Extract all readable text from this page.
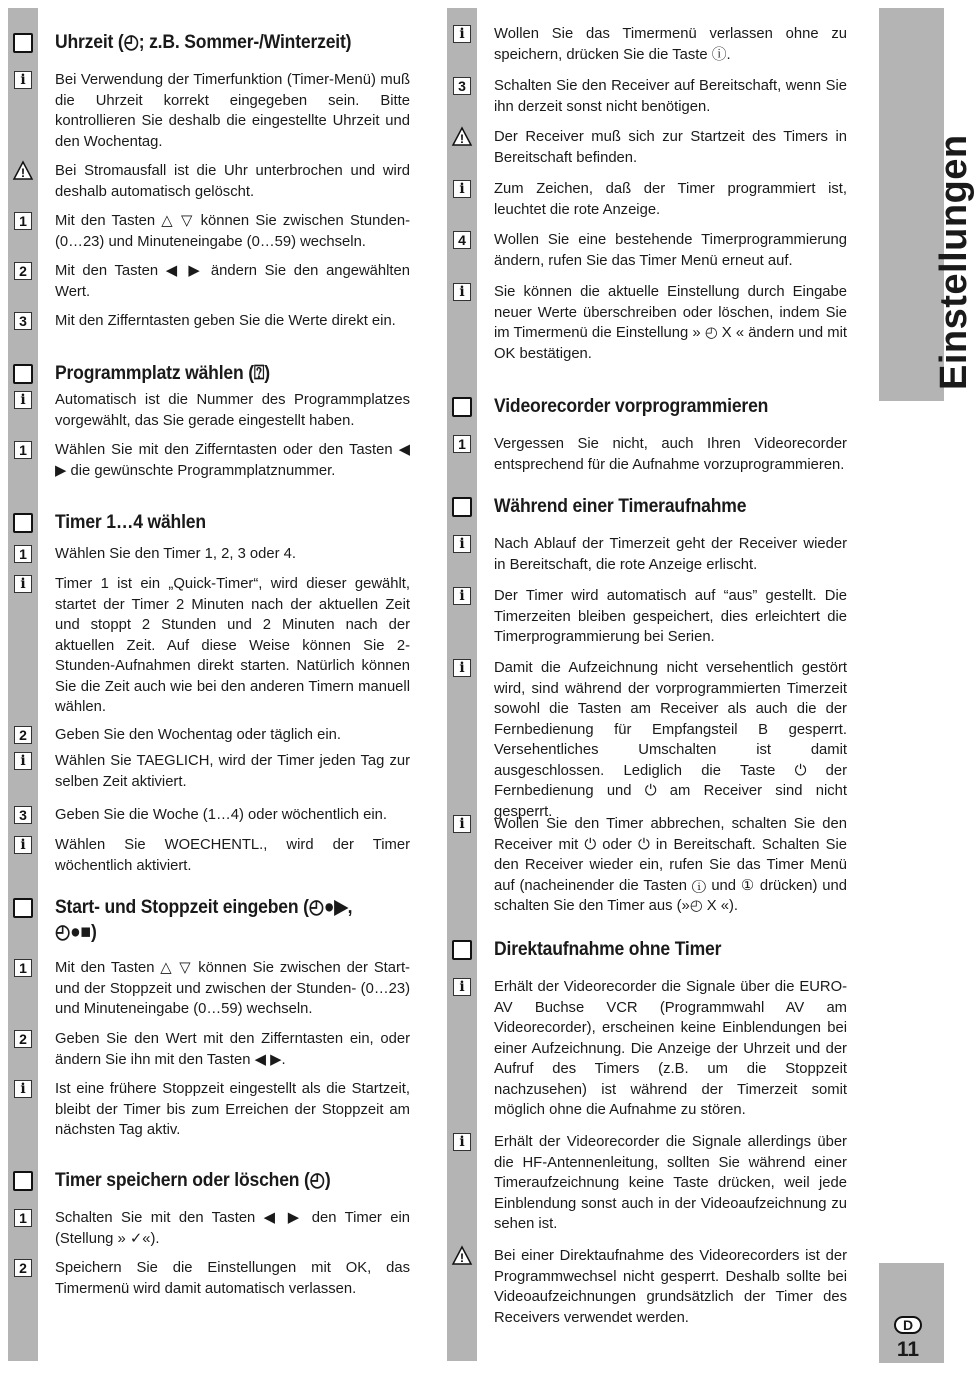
Uhrzeit (◴; z.B. Sommer-/Winterzeit)
i	Bei Verwendung der Timerfunktion (Timer-Menü) muß die Uhrzeit korrekt eingegeben sein. Bitte kontrollieren Sie deshalb die eingestellte Uhrzeit und den Wochentag.
! Bei Stromausfall ist die Uhr unterbrochen und wird deshalb automatisch gelöscht.
1	Mit den Tasten △ ▽ können Sie zwischen Stunden- (0…23) und Minuteneingabe (0…59) wechseln.
2	Mit den Tasten ◀ ▶ ändern Sie den angewählten Wert.
3	Mit den Zifferntasten geben Sie die Werte direkt ein.
Programmplatz wählen (⍰)
i	Automatisch ist die Nummer des Programmplatzes vorgewählt, das Sie gerade eingestellt haben.
1	Wählen Sie mit den Zifferntasten oder den Tasten ◀ ▶ die gewünschte Programmplatznummer.
Timer 1…4 wählen
1	Wählen Sie den Timer 1, 2, 3 oder 4.
i	Timer 1 ist ein „Quick-Timer“, wird dieser gewählt, startet der Timer 2 Minuten nach der aktuellen Zeit und stoppt 2 Stunden und 2 Minuten nach der aktuellen Zeit. Auf diese Weise können Sie 2-Stunden-Aufnahmen direkt starten. Natürlich können Sie die Zeit auch wie bei den anderen Timern manuell wählen.
2	Geben Sie den Wochentag oder täglich ein.
i	Wählen Sie TAEGLICH, wird der Timer jeden Tag zur selben Zeit aktiviert.
3	Geben Sie die Woche (1…4) oder wöchentlich ein.
i	Wählen Sie WOECHENTL., wird der Timer wöchentlich aktiviert.
Start- und Stoppzeit eingeben (◴●▶, ◴●■)
1	Mit den Tasten △ ▽ können Sie zwischen der Start- und der Stoppzeit und zwischen der Stunden- (0…23) und Minuteneingabe (0…59) wechseln.
2	Geben Sie den Wert mit den Zifferntasten ein, oder ändern Sie ihn mit den Tasten ◀ ▶.
i	Ist eine frühere Stoppzeit eingestellt als die Startzeit, bleibt der Timer bis zum Erreichen der Stoppzeit am nächsten Tag aktiv.
Timer speichern oder löschen (◴)
1	Schalten Sie mit den Tasten ◀ ▶ den Timer ein (Stellung » ✓«).
2	Speichern Sie die Einstellungen mit OK, das Timermenü wird damit automatisch verlassen.
i	Wollen Sie das Timermenü verlassen ohne zu speichern, drücken Sie die Taste ⓘ.
3	Schalten Sie den Receiver auf Bereitschaft, wenn Sie ihn derzeit sonst nicht benötigen.
! Der Receiver muß sich zur Startzeit des Timers in Bereitschaft befinden.
i	Zum Zeichen, daß der Timer programmiert ist, leuchtet die rote Anzeige.
4	Wollen Sie eine bestehende Timerprogrammierung ändern, rufen Sie das Timer Menü erneut auf.
i	Sie können die aktuelle Einstellung durch Eingabe neuer Werte überschreiben oder löschen, indem Sie im Timermenü die Einstellung » ◴ X « ändern und mit OK bestätigen.
Videorecorder vorprogrammieren
1	Vergessen Sie nicht, auch Ihren Videorecorder entsprechend für die Aufnahme vorzuprogrammieren.
Während einer Timeraufnahme
i	Nach Ablauf der Timerzeit geht der Receiver wieder in Bereitschaft, die rote Anzeige erlischt.
i	Der Timer wird automatisch auf “aus” gestellt. Die Timerzeiten bleiben gespeichert, dies erleichtert die Timerprogrammierung bei Serien.
i	Damit die Aufzeichnung nicht versehentlich gestört wird, sind während der vorprogrammierten Timerzeit sowohl die Tasten am Receiver als auch die der Fernbedienung für Empfangsteil B gesperrt. Versehentliches Umschalten ist damit ausgeschlossen. Lediglich die Taste ⏻ der Fernbedienung und ⏻ am Receiver sind nicht gesperrt.
i	Wollen Sie den Timer abbrechen, schalten Sie den Receiver mit ⏻ oder ⏻ in Bereitschaft. Schalten Sie den Receiver wieder ein, rufen Sie das Timer Menü auf (nacheinender die Tasten ⓘ und ① drücken) und schalten Sie den Timer aus (»◴ X «).
Direktaufnahme ohne Timer
i	Erhält der Videorecorder die Signale über die EURO-AV Buchse VCR (Programmwahl AV am Videorecorder), erscheinen keine Einblendungen bei einer Aufzeichnung. Die Anzeige der Uhrzeit und der Aufruf des Timers (z.B. um die Stoppzeit nachzusehen) ist während der Timerzeit somit möglich ohne die Aufnahme zu stören.
i	Erhält der Videorecorder die Signale allerdings über die HF-Antennenleitung, sollten Sie während einer Timeraufzeichnung keine Taste drücken, weil jede Einblendung sonst auch in der Videoaufzeichnung zu sehen ist.
! Bei einer Direktaufnahme des Videorecorders ist der Programmwechsel nicht gesperrt. Deshalb sollte bei Videoaufzeichnungen grundsätzlich der Timer des Receivers verwendet werden.
Einstellungen
D
11
